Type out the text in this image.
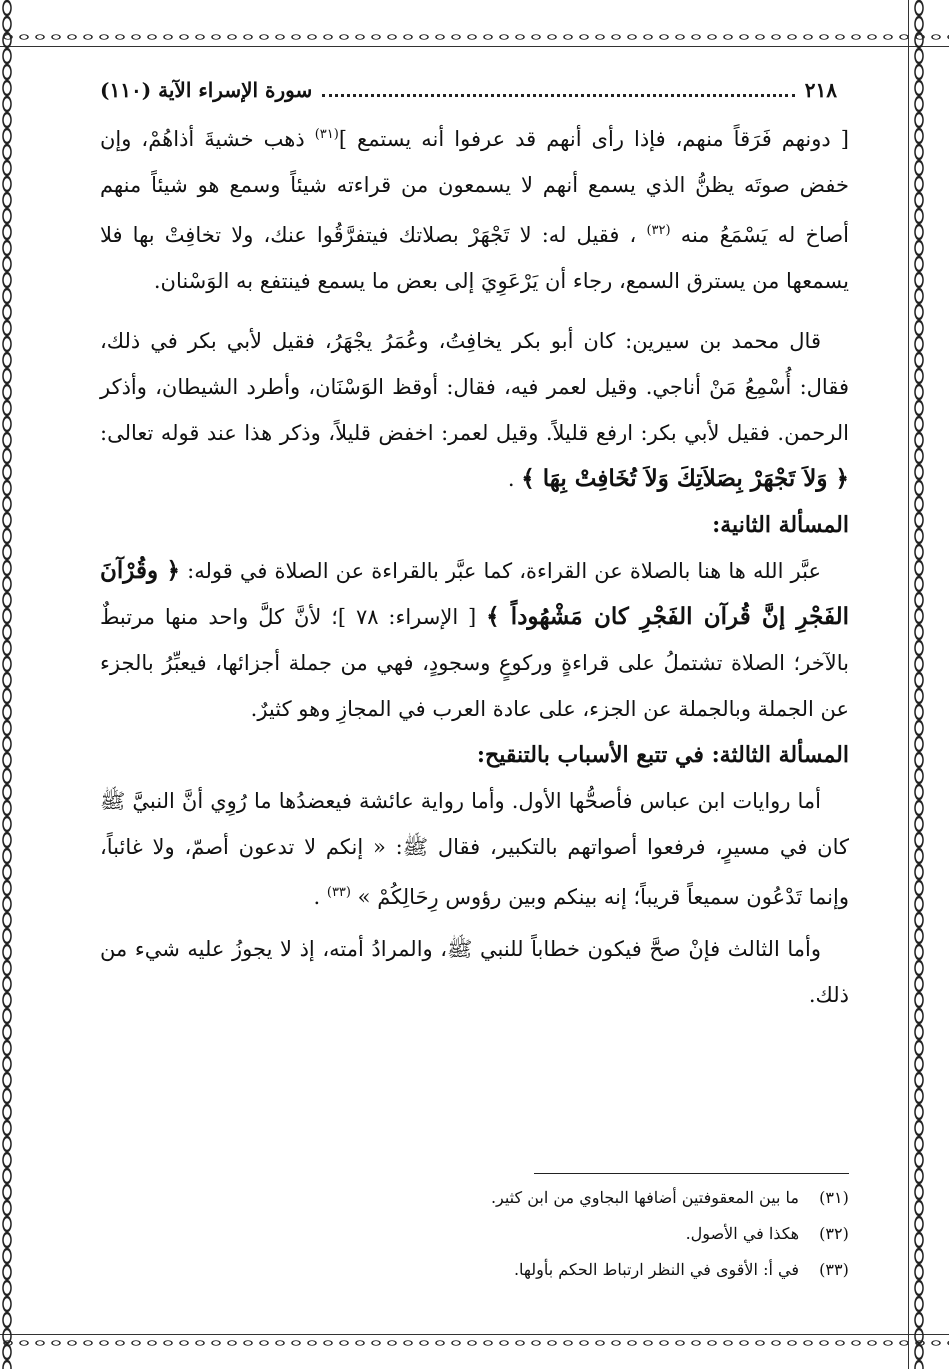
٢١٨
سورة الإسراء الآية (١١٠)

[ دونهم فَرَقاً منهم، فإذا رأى أنهم قد عرفوا أنه يستمع ]$^{(٣١)}$ ذهب خشيةَ أذاهُمْ، وإن خفض صوتَه يظنُّ الذي يسمع أنهم لا يسمعون من قراءته شيئاً وسمع هو شيئاً منهم أصاخ له يَسْمَعُ منه $^{(٣٢)}$ ، فقيل له: لا تَجْهَرْ بصلاتك فيتفرَّقُوا عنك، ولا تخافِتْ بها فلا يسمعها من يسترق السمع، رجاء أن يَرْعَوِيَ إلى بعض ما يسمع فينتفع به الوَسْنان.

قال محمد بن سيرين: كان أبو بكر يخافِتُ، وعُمَرُ يجْهَرُ، فقيل لأبي بكر في ذلك، فقال: أُسْمِعُ مَنْ أناجي. وقيل لعمر فيه، فقال: أوقظ الوَسْنَان، وأطرد الشيطان، وأذكر الرحمن. فقيل لأبي بكر: ارفع قليلاً. وقيل لعمر: اخفض قليلاً، وذكر هذا عند قوله تعالى: ﴿ وَلاَ تَجْهَرْ بِصَلاَتِكَ وَلاَ تُخَافِتْ بِهَا ﴾ .

المسألة الثانية:

عبَّر الله ها هنا بالصلاة عن القراءة، كما عبَّر بالقراءة عن الصلاة في قوله: ﴿ وقُرْآنَ الفَجْرِ إنَّ قُرآن الفَجْرِ كان مَشْهُوداً ﴾ [ الإسراء: ٧٨ ]؛ لأنَّ كلَّ واحد منها مرتبطٌ بالآخر؛ الصلاة تشتملُ على قراءةٍ وركوعٍ وسجودٍ، فهي من جملة أجزائها، فيعبِّرُ بالجزء عن الجملة وبالجملة عن الجزء، على عادة العرب في المجازِ وهو كثيرٌ.

المسألة الثالثة: في تتبع الأسباب بالتنقيح:

أما روايات ابن عباس فأصحُّها الأول. وأما رواية عائشة فيعضدُها ما رُوِي أنَّ النبيَّ ﷺ كان في مسيرٍ، فرفعوا أصواتهم بالتكبير، فقال ﷺ: « إنكم لا تدعون أصمّ، ولا غائباً، وإنما تَدْعُون سميعاً قريباً؛ إنه بينكم وبين رؤوس رِحَالِكُمْ » $^{(٣٣)}$ .

وأما الثالث فإنْ صحَّ فيكون خطاباً للنبي ﷺ، والمرادُ أمته، إذ لا يجوزُ عليه شيء من ذلك.

(٣١)
ما بين المعقوفتين أضافها البجاوي من ابن كثير.
(٣٢)
هكذا في الأصول.
(٣٣)
في أ: الأقوى في النظر ارتباط الحكم بأولها.
